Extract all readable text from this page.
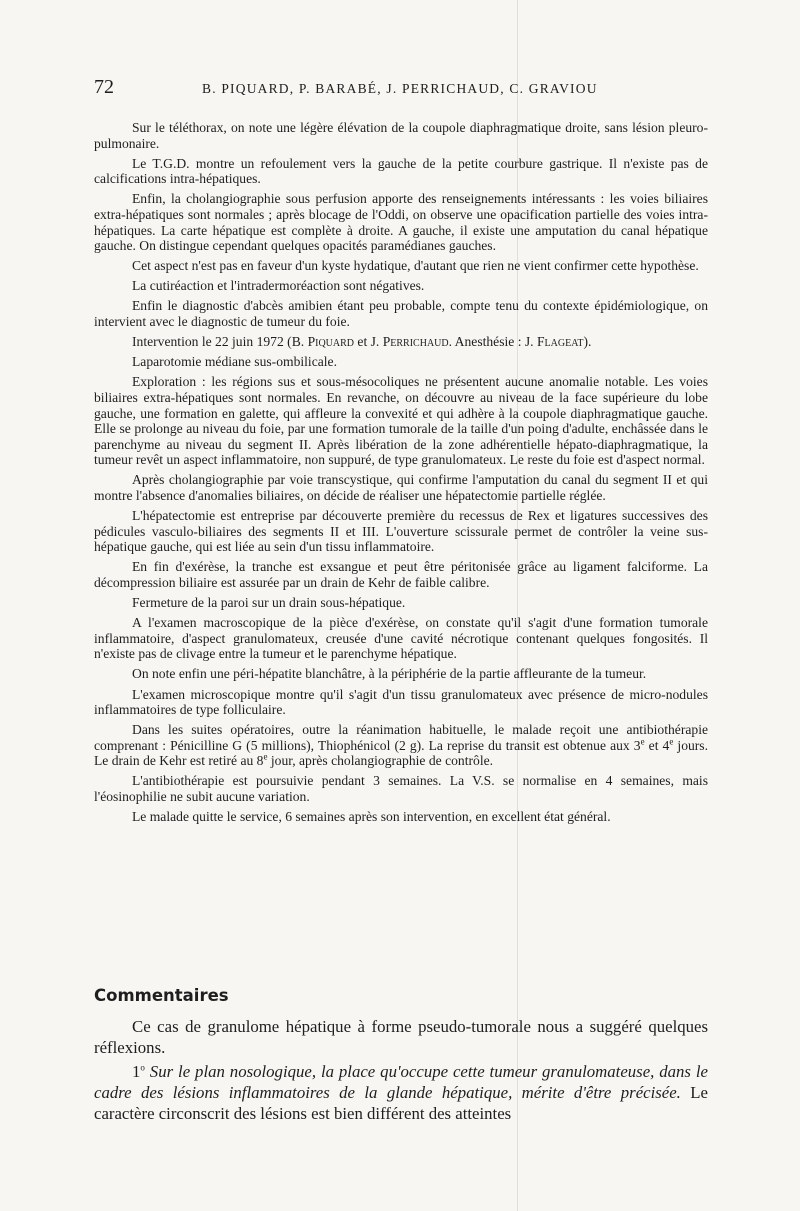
72	B. PIQUARD, P. BARABÉ, J. PERRICHAUD, C. GRAVIOU

Sur le téléthorax, on note une légère élévation de la coupole diaphragmatique droite, sans lésion pleuro-pulmonaire.

Le T.G.D. montre un refoulement vers la gauche de la petite courbure gastrique. Il n'existe pas de calcifications intra-hépatiques.

Enfin, la cholangiographie sous perfusion apporte des renseignements intéressants : les voies biliaires extra-hépatiques sont normales ; après blocage de l'Oddi, on observe une opacification partielle des voies intra-hépatiques. La carte hépatique est complète à droite. A gauche, il existe une amputation du canal hépatique gauche. On distingue cependant quelques opacités paramédianes gauches.

Cet aspect n'est pas en faveur d'un kyste hydatique, d'autant que rien ne vient confirmer cette hypothèse.

La cutiréaction et l'intradermoréaction sont négatives.

Enfin le diagnostic d'abcès amibien étant peu probable, compte tenu du contexte épidémiologique, on intervient avec le diagnostic de tumeur du foie.

Intervention le 22 juin 1972 (B. Piquard et J. Perrichaud. Anesthésie : J. Flageat).

Laparotomie médiane sus-ombilicale.

Exploration : les régions sus et sous-mésocoliques ne présentent aucune anomalie notable. Les voies biliaires extra-hépatiques sont normales. En revanche, on découvre au niveau de la face supérieure du lobe gauche, une formation en galette, qui affleure la convexité et qui adhère à la coupole diaphragmatique gauche. Elle se prolonge au niveau du foie, par une formation tumorale de la taille d'un poing d'adulte, enchâssée dans le parenchyme au niveau du segment II. Après libération de la zone adhérentielle hépato-diaphragmatique, la tumeur revêt un aspect inflammatoire, non suppuré, de type granulomateux. Le reste du foie est d'aspect normal.

Après cholangiographie par voie transcystique, qui confirme l'amputation du canal du segment II et qui montre l'absence d'anomalies biliaires, on décide de réaliser une hépatectomie partielle réglée.

L'hépatectomie est entreprise par découverte première du recessus de Rex et ligatures successives des pédicules vasculo-biliaires des segments II et III. L'ouverture scissurale permet de contrôler la veine sus-hépatique gauche, qui est liée au sein d'un tissu inflammatoire.

En fin d'exérèse, la tranche est exsangue et peut être péritonisée grâce au ligament falciforme. La décompression biliaire est assurée par un drain de Kehr de faible calibre.

Fermeture de la paroi sur un drain sous-hépatique.

A l'examen macroscopique de la pièce d'exérèse, on constate qu'il s'agit d'une formation tumorale inflammatoire, d'aspect granulomateux, creusée d'une cavité nécrotique contenant quelques fongosités. Il n'existe pas de clivage entre la tumeur et le parenchyme hépatique.

On note enfin une péri-hépatite blanchâtre, à la périphérie de la partie affleurante de la tumeur.

L'examen microscopique montre qu'il s'agit d'un tissu granulomateux avec présence de micro-nodules inflammatoires de type folliculaire.

Dans les suites opératoires, outre la réanimation habituelle, le malade reçoit une antibiothérapie comprenant : Pénicilline G (5 millions), Thiophénicol (2 g). La reprise du transit est obtenue aux 3e et 4e jours. Le drain de Kehr est retiré au 8e jour, après cholangiographie de contrôle.

L'antibiothérapie est poursuivie pendant 3 semaines. La V.S. se normalise en 4 semaines, mais l'éosinophilie ne subit aucune variation.

Le malade quitte le service, 6 semaines après son intervention, en excellent état général.

Commentaires

Ce cas de granulome hépatique à forme pseudo-tumorale nous a suggéré quelques réflexions.

1$^o$ Sur le plan nosologique, la place qu'occupe cette tumeur granulomateuse, dans le cadre des lésions inflammatoires de la glande hépatique, mérite d'être précisée. Le caractère circonscrit des lésions est bien différent des atteintes
